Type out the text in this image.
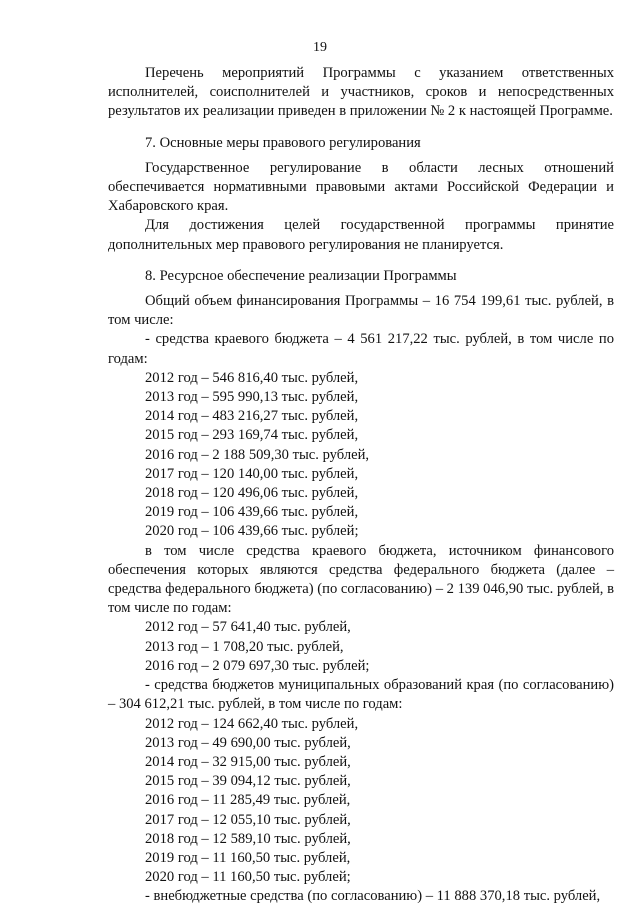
19

Перечень мероприятий Программы с указанием ответственных исполнителей, соисполнителей и участников, сроков и непосредственных результатов их реализации приведен в приложении № 2 к настоящей Программе.

7. Основные меры правового регулирования

Государственное регулирование в области лесных отношений обеспечивается нормативными правовыми актами Российской Федерации и Хабаровского края.

Для достижения целей государственной программы принятие дополнительных мер правового регулирования не планируется.

8. Ресурсное обеспечение реализации Программы

Общий объем финансирования Программы – 16 754 199,61 тыс. рублей, в том числе:

- средства краевого бюджета – 4 561 217,22 тыс. рублей, в том числе по годам:

2012 год – 546 816,40 тыс. рублей,

2013 год – 595 990,13 тыс. рублей,

2014 год – 483 216,27 тыс. рублей,

2015 год – 293 169,74 тыс. рублей,

2016 год – 2 188 509,30 тыс. рублей,

2017 год – 120 140,00 тыс. рублей,

2018 год – 120 496,06 тыс. рублей,

2019 год – 106 439,66 тыс. рублей,

2020 год – 106 439,66 тыс. рублей;

в том числе средства краевого бюджета, источником финансового обеспечения которых являются средства федерального бюджета (далее – средства федерального бюджета) (по согласованию) – 2 139 046,90 тыс. рублей, в том числе по годам:

2012 год – 57 641,40 тыс. рублей,

2013 год – 1 708,20 тыс. рублей,

2016 год – 2 079 697,30 тыс. рублей;

- средства бюджетов муниципальных образований края (по согласованию) – 304 612,21 тыс. рублей, в том числе по годам:

2012 год – 124 662,40 тыс. рублей,

2013 год – 49 690,00 тыс. рублей,

2014 год – 32 915,00 тыс. рублей,

2015 год – 39 094,12 тыс. рублей,

2016 год – 11 285,49 тыс. рублей,

2017 год – 12 055,10 тыс. рублей,

2018 год – 12 589,10 тыс. рублей,

2019 год – 11 160,50 тыс. рублей,

2020 год – 11 160,50 тыс. рублей;

- внебюджетные средства (по согласованию) – 11 888 370,18 тыс. рублей,
